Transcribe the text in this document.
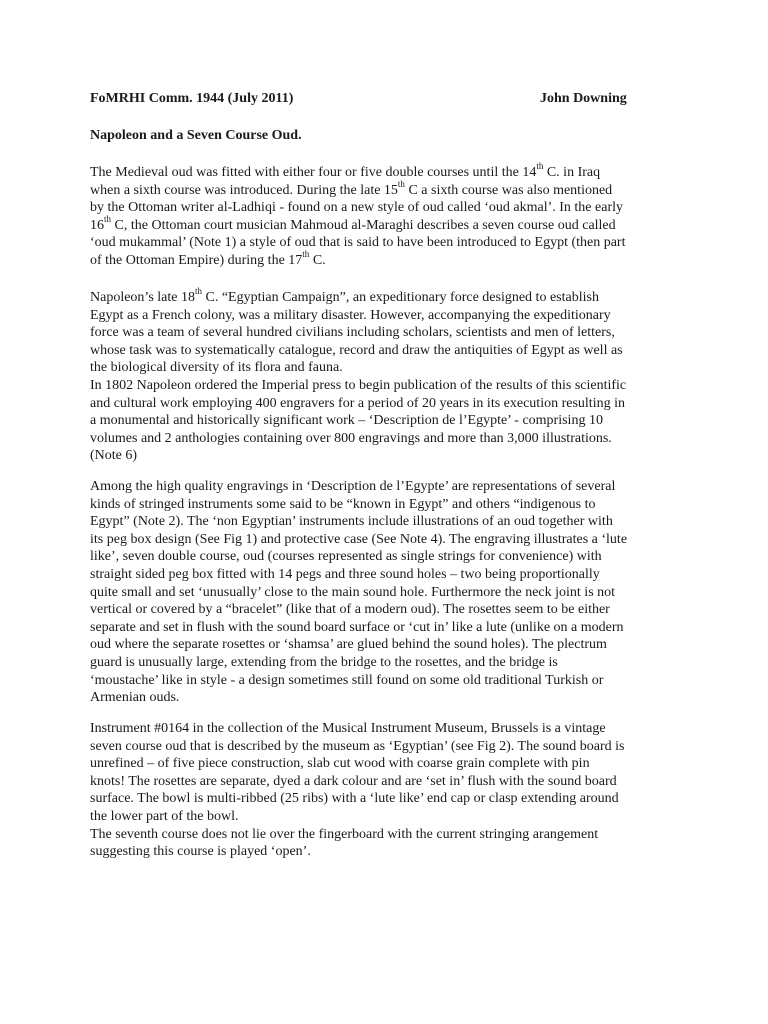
FoMRHI Comm. 1944 (July 2011)	John Downing
Napoleon and a Seven Course Oud.
The Medieval oud was fitted with either four or five double courses until the 14th C. in Iraq
when a sixth course was introduced. During the late 15th C a sixth course was also mentioned
by the Ottoman writer al-Ladhiqi - found on a new style of oud called ‘oud akmal’. In the early
16th C, the Ottoman court musician Mahmoud al-Maraghi describes a seven course oud called
‘oud mukammal’ (Note 1) a style of oud that is said to have been introduced to Egypt (then part
of the Ottoman Empire) during the 17th C.
Napoleon’s late 18th C. “Egyptian Campaign”, an expeditionary force designed to establish
Egypt as a French colony, was a military disaster. However, accompanying the expeditionary
force was a team of several hundred civilians including scholars, scientists and men of letters,
whose task was to systematically catalogue, record and draw the antiquities of Egypt as well as
the biological diversity of its flora and fauna.
In 1802 Napoleon ordered the Imperial press to begin publication of the results of this scientific
and cultural work employing 400 engravers for a period of 20 years in its execution resulting in
a monumental and historically significant work – ‘Description de l’Egypte’ - comprising 10
volumes and 2 anthologies containing over 800 engravings and more than 3,000 illustrations.
(Note 6)
Among the high quality engravings in ‘Description de l’Egypte’ are representations of several
kinds of stringed instruments some said to be “known in Egypt” and others “indigenous to
Egypt” (Note 2). The ‘non Egyptian’ instruments include illustrations of an oud together with
its peg box design (See Fig 1) and protective case (See Note 4). The engraving illustrates a ‘lute
like’, seven double course, oud (courses represented as single strings for convenience) with
straight sided peg box fitted with 14 pegs and three sound holes – two being proportionally
quite small and set ‘unusually’ close to the main sound hole. Furthermore the neck joint is not
vertical or covered by a “bracelet” (like that of a modern oud). The rosettes seem to be either
separate and set in flush with the sound board surface or ‘cut in’ like a lute (unlike on a modern
oud where the separate rosettes or ‘shamsa’ are glued behind the sound holes). The plectrum
guard is unusually large, extending from the bridge to the rosettes, and the bridge is
‘moustache’ like in style - a design sometimes still found on some old traditional Turkish or
Armenian ouds.
Instrument #0164 in the collection of the Musical Instrument Museum, Brussels is a vintage
seven course oud that is described by the museum as ‘Egyptian’ (see Fig 2). The sound board is
unrefined – of five piece construction, slab cut wood with coarse grain complete with pin
knots! The rosettes are separate, dyed a dark colour and are ‘set in’ flush with the sound board
surface. The bowl is multi-ribbed (25 ribs) with a ‘lute like’ end cap or clasp extending around
the lower part of the bowl.
The seventh course does not lie over the fingerboard with the current stringing arangement
suggesting this course is played ‘open’.
